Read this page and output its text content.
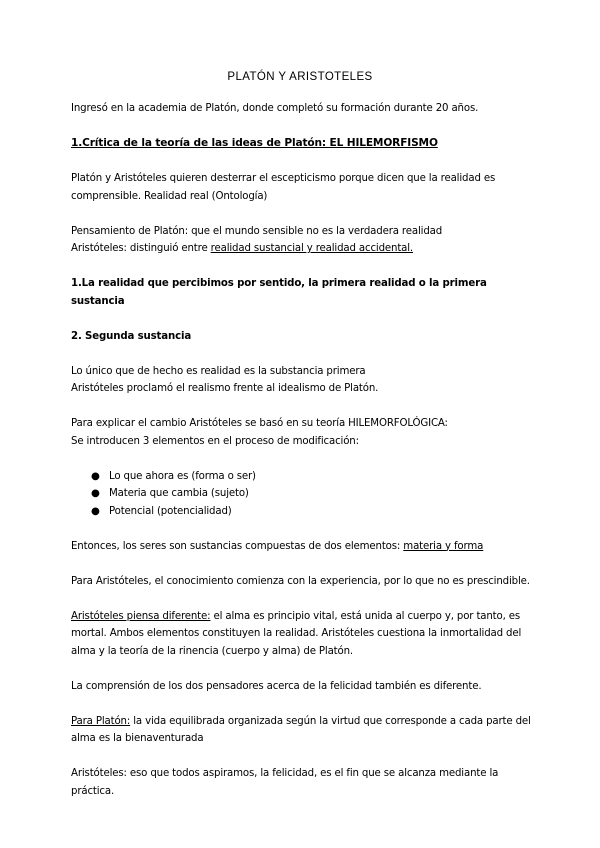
PLATÓN Y ARISTOTELES

Ingresó en la academia de Platón, donde completó su formación durante 20 años.

1.Crítica de la teoría de las ideas de Platón: EL HILEMORFISMO

Platón y Aristóteles quieren desterrar el escepticismo porque dicen que la realidad es

comprensible. Realidad real (Ontología)

Pensamiento de Platón: que el mundo sensible no es la verdadera realidad

Aristóteles: distinguió entre realidad sustancial y realidad accidental.

1.La realidad que percibimos por sentido, la primera realidad o la primera sustancia

2. Segunda sustancia

Lo único que de hecho es realidad es la substancia primera

Aristóteles proclamó el realismo frente al idealismo de Platón.

Para explicar el cambio Aristóteles se basó en su teoría HILEMORFOLÓGICA:

Se introducen 3 elementos en el proceso de modificación:

● Lo que ahora es (forma o ser)
● Materia que cambia (sujeto)
● Potencial (potencialidad)

Entonces, los seres son sustancias compuestas de dos elementos: materia y forma

Para Aristóteles, el conocimiento comienza con la experiencia, por lo que no es prescindible.

Aristóteles piensa diferente: el alma es principio vital, está unida al cuerpo y, por tanto, es

mortal. Ambos elementos constituyen la realidad. Aristóteles cuestiona la inmortalidad del

alma y la teoría de la rinencia (cuerpo y alma) de Platón.

La comprensión de los dos pensadores acerca de la felicidad también es diferente.

Para Platón: la vida equilibrada organizada según la virtud que corresponde a cada parte del

alma es la bienaventurada

Aristóteles: eso que todos aspiramos, la felicidad, es el fin que se alcanza mediante la

práctica.
